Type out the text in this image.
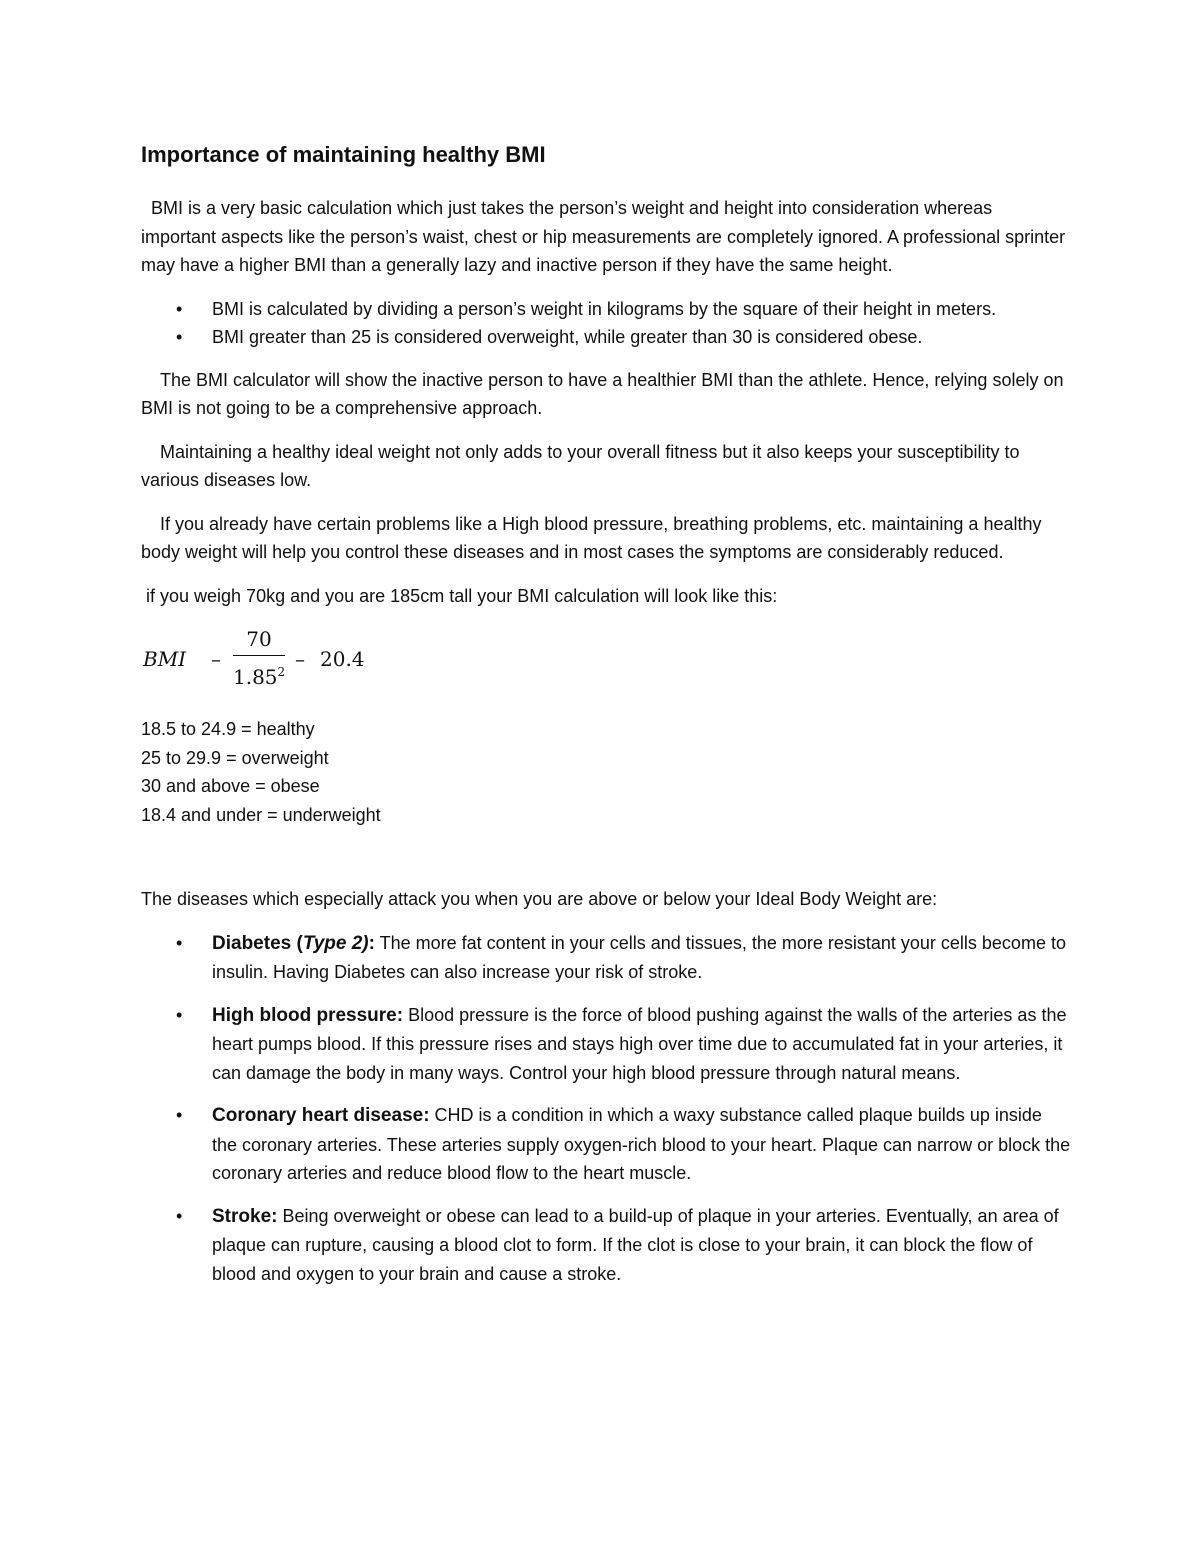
Importance of maintaining healthy BMI

BMI is a very basic calculation which just takes the person’s weight and height into consideration whereas important aspects like the person’s waist, chest or hip measurements are completely ignored. A professional sprinter may have a higher BMI than a generally lazy and inactive person if they have the same height.

• BMI is calculated by dividing a person’s weight in kilograms by the square of their height in meters.
• BMI greater than 25 is considered overweight, while greater than 30 is considered obese.

The BMI calculator will show the inactive person to have a healthier BMI than the athlete. Hence, relying solely on BMI is not going to be a comprehensive approach.

Maintaining a healthy ideal weight not only adds to your overall fitness but it also keeps your susceptibility to various diseases low.

If you already have certain problems like a High blood pressure, breathing problems, etc. maintaining a healthy body weight will help you control these diseases and in most cases the symptoms are considerably reduced.

if you weigh 70kg and you are 185cm tall your BMI calculation will look like this:

BMI –
70
1.85$^2$
– 20.4
18.5 to 24.9 = healthy
25 to 29.9 = overweight
30 and above = obese
18.4 and under = underweight

The diseases which especially attack you when you are above or below your Ideal Body Weight are:

• Diabetes (Type 2): The more fat content in your cells and tissues, the more resistant your cells become to insulin. Having Diabetes can also increase your risk of stroke.
• High blood pressure: Blood pressure is the force of blood pushing against the walls of the arteries as the heart pumps blood. If this pressure rises and stays high over time due to accumulated fat in your arteries, it can damage the body in many ways. Control your high blood pressure through natural means.
• Coronary heart disease: CHD is a condition in which a waxy substance called plaque builds up inside the coronary arteries. These arteries supply oxygen-rich blood to your heart. Plaque can narrow or block the coronary arteries and reduce blood flow to the heart muscle.
• Stroke: Being overweight or obese can lead to a build-up of plaque in your arteries. Eventually, an area of plaque can rupture, causing a blood clot to form. If the clot is close to your brain, it can block the flow of blood and oxygen to your brain and cause a stroke.
